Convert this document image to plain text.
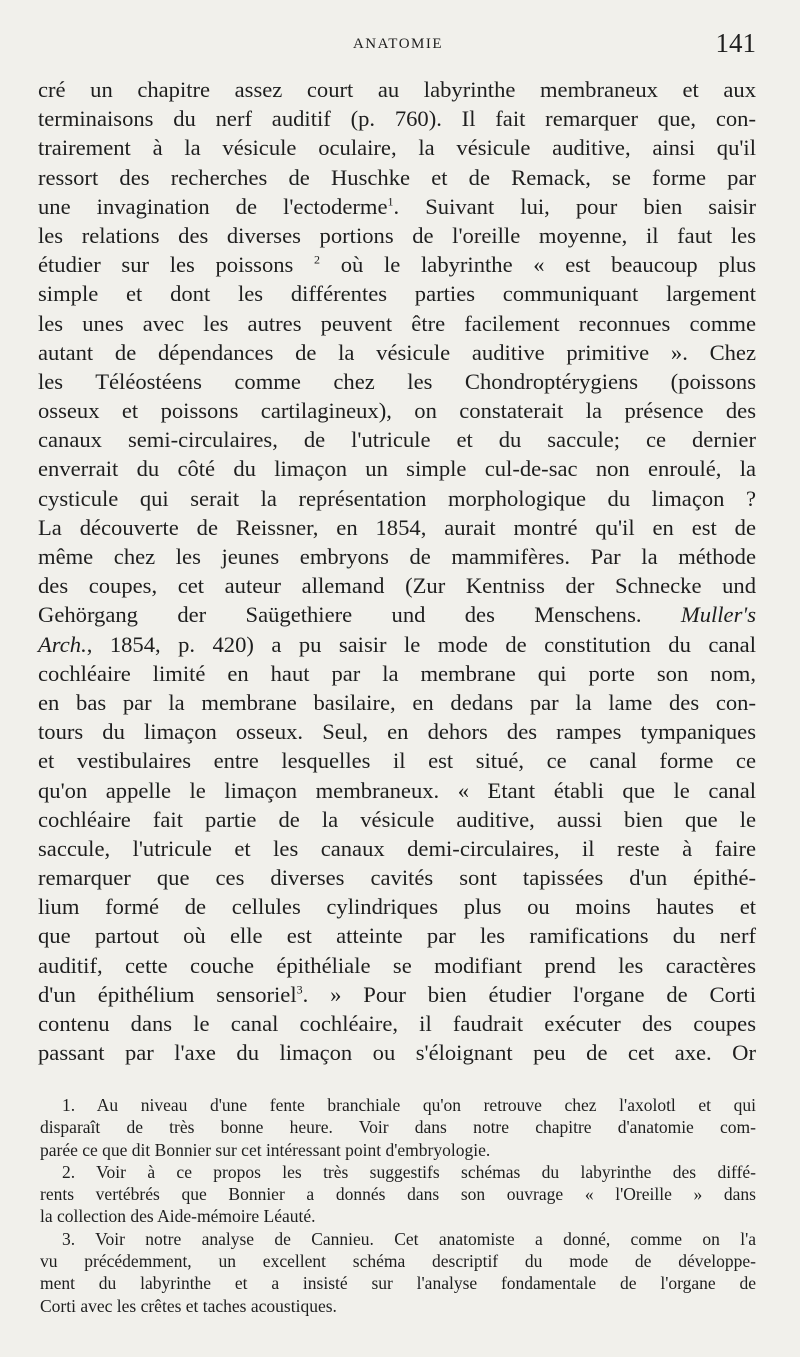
ANATOMIE	141
cré un chapitre assez court au labyrinthe membraneux et aux
terminaisons du nerf auditif (p. 760). Il fait remarquer que, con-
trairement à la vésicule oculaire, la vésicule auditive, ainsi qu'il
ressort des recherches de Huschke et de Remack, se forme par
une invagination de l'ectoderme$^1$. Suivant lui, pour bien saisir
les relations des diverses portions de l'oreille moyenne, il faut les
étudier sur les poissons $^2$ où le labyrinthe « est beaucoup plus
simple et dont les différentes parties communiquant largement
les unes avec les autres peuvent être facilement reconnues comme
autant de dépendances de la vésicule auditive primitive ». Chez
les Téléostéens comme chez les Chondroptérygiens (poissons
osseux et poissons cartilagineux), on constaterait la présence des
canaux semi-circulaires, de l'utricule et du saccule; ce dernier
enverrait du côté du limaçon un simple cul-de-sac non enroulé, la
cysticule qui serait la représentation morphologique du limaçon ?
La découverte de Reissner, en 1854, aurait montré qu'il en est de
même chez les jeunes embryons de mammifères. Par la méthode
des coupes, cet auteur allemand (Zur Kentniss der Schnecke und
Gehörgang der Saügethiere und des Menschens. Muller's
Arch., 1854, p. 420) a pu saisir le mode de constitution du canal
cochléaire limité en haut par la membrane qui porte son nom,
en bas par la membrane basilaire, en dedans par la lame des con-
tours du limaçon osseux. Seul, en dehors des rampes tympaniques
et vestibulaires entre lesquelles il est situé, ce canal forme ce
qu'on appelle le limaçon membraneux. « Etant établi que le canal
cochléaire fait partie de la vésicule auditive, aussi bien que le
saccule, l'utricule et les canaux demi-circulaires, il reste à faire
remarquer que ces diverses cavités sont tapissées d'un épithé-
lium formé de cellules cylindriques plus ou moins hautes et
que partout où elle est atteinte par les ramifications du nerf
auditif, cette couche épithéliale se modifiant prend les caractères
d'un épithélium sensoriel$^3$. » Pour bien étudier l'organe de Corti
contenu dans le canal cochléaire, il faudrait exécuter des coupes
passant par l'axe du limaçon ou s'éloignant peu de cet axe. Or
1. Au niveau d'une fente branchiale qu'on retrouve chez l'axolotl et qui
disparaît de très bonne heure. Voir dans notre chapitre d'anatomie com-
parée ce que dit Bonnier sur cet intéressant point d'embryologie.
2. Voir à ce propos les très suggestifs schémas du labyrinthe des diffé-
rents vertébrés que Bonnier a donnés dans son ouvrage « l'Oreille » dans
la collection des Aide-mémoire Léauté.
3. Voir notre analyse de Cannieu. Cet anatomiste a donné, comme on l'a
vu précédemment, un excellent schéma descriptif du mode de développe-
ment du labyrinthe et a insisté sur l'analyse fondamentale de l'organe de
Corti avec les crêtes et taches acoustiques.
